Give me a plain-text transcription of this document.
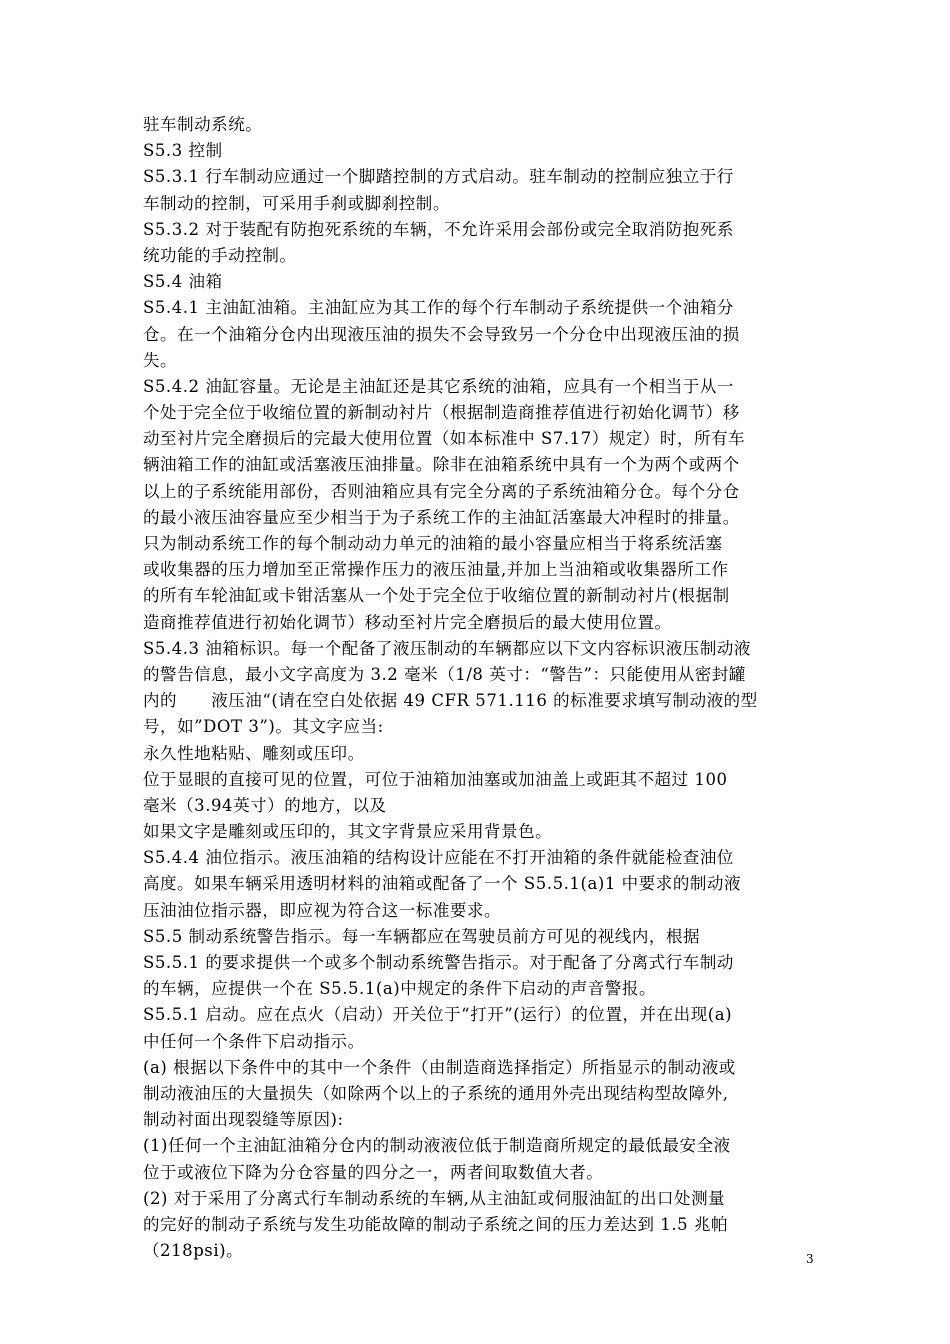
驻车制动系统。
S5.3 控制
S5.3.1 行车制动应通过一个脚踏控制的方式启动。驻车制动的控制应独立于行
车制动的控制，可采用手刹或脚刹控制。
S5.3.2 对于装配有防抱死系统的车辆，不允许采用会部份或完全取消防抱死系
统功能的手动控制。
S5.4 油箱
S5.4.1 主油缸油箱。主油缸应为其工作的每个行车制动子系统提供一个油箱分
仓。在一个油箱分仓内出现液压油的损失不会导致另一个分仓中出现液压油的损
失。
S5.4.2 油缸容量。无论是主油缸还是其它系统的油箱，应具有一个相当于从一
个处于完全位于收缩位置的新制动衬片（根据制造商推荐值进行初始化调节）移
动至衬片完全磨损后的完最大使用位置（如本标准中 S7.17）规定）时，所有车
辆油箱工作的油缸或活塞液压油排量。除非在油箱系统中具有一个为两个或两个
以上的子系统能用部份，否则油箱应具有完全分离的子系统油箱分仓。每个分仓
的最小液压油容量应至少相当于为子系统工作的主油缸活塞最大冲程时的排量。
只为制动系统工作的每个制动动力单元的油箱的最小容量应相当于将系统活塞
或收集器的压力增加至正常操作压力的液压油量,并加上当油箱或收集器所工作
的所有车轮油缸或卡钳活塞从一个处于完全位于收缩位置的新制动衬片(根据制
造商推荐值进行初始化调节）移动至衬片完全磨损后的最大使用位置。
S5.4.3 油箱标识。每一个配备了液压制动的车辆都应以下文内容标识液压制动液
的警告信息，最小文字高度为 3.2 毫米（1/8 英寸：“警告”：只能使用从密封罐
内的　　液压油“(请在空白处依据 49 CFR 571.116 的标准要求填写制动液的型
号，如”DOT 3”)。其文字应当:
永久性地粘贴、雕刻或压印。
位于显眼的直接可见的位置，可位于油箱加油塞或加油盖上或距其不超过 100
毫米（3.94英寸）的地方，以及
如果文字是雕刻或压印的，其文字背景应采用背景色。
S5.4.4 油位指示。液压油箱的结构设计应能在不打开油箱的条件就能检查油位
高度。如果车辆采用透明材料的油箱或配备了一个 S5.5.1(a)1 中要求的制动液
压油油位指示器，即应视为符合这一标准要求。
S5.5 制动系统警告指示。每一车辆都应在驾驶员前方可见的视线内，根据
S5.5.1 的要求提供一个或多个制动系统警告指示。对于配备了分离式行车制动
的车辆，应提供一个在 S5.5.1(a)中规定的条件下启动的声音警报。
S5.5.1 启动。应在点火（启动）开关位于“打开”(运行）的位置，并在出现(a)
中任何一个条件下启动指示。
(a) 根据以下条件中的其中一个条件（由制造商选择指定）所指显示的制动液或
制动液油压的大量损失（如除两个以上的子系统的通用外壳出现结构型故障外,
制动衬面出现裂缝等原因):
(1)任何一个主油缸油箱分仓内的制动液液位低于制造商所规定的最低最安全液
位于或液位下降为分仓容量的四分之一，两者间取数值大者。
(2) 对于采用了分离式行车制动系统的车辆,从主油缸或伺服油缸的出口处测量
的完好的制动子系统与发生功能故障的制动子系统之间的压力差达到 1.5 兆帕
（218psi)。	3
